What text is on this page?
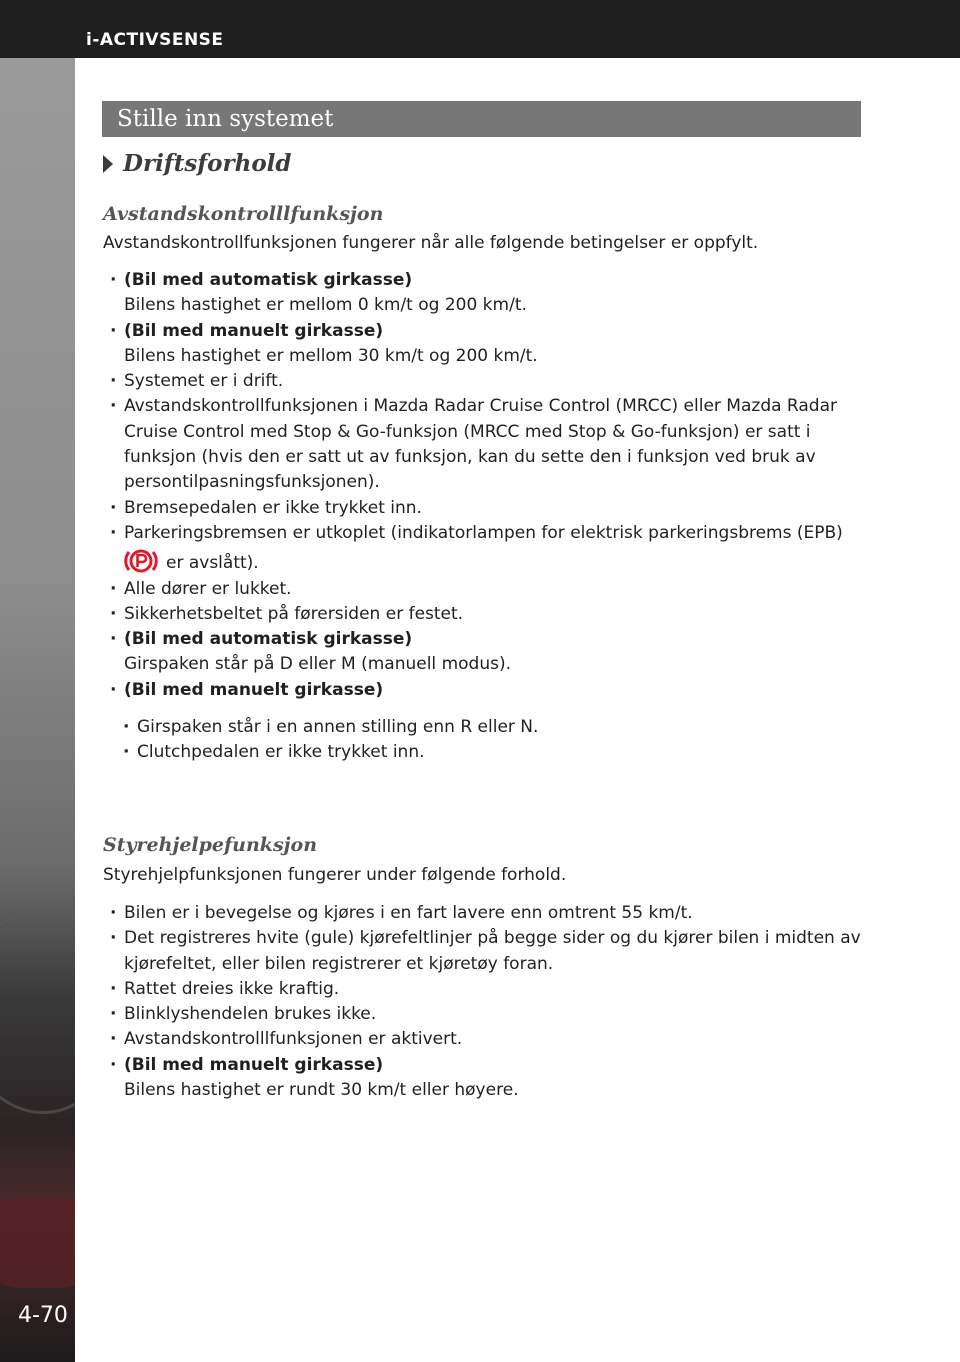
i-ACTIVSENSE
4-70
Stille inn systemet
Driftsforhold
Avstandskontrolllfunksjon
Avstandskontrollfunksjonen fungerer når alle følgende betingelser er oppfylt.
· (Bil med automatisk girkasse)
Bilens hastighet er mellom 0 km/t og 200 km/t.
· (Bil med manuelt girkasse)
Bilens hastighet er mellom 30 km/t og 200 km/t.
· Systemet er i drift.
· Avstandskontrollfunksjonen i Mazda Radar Cruise Control (MRCC) eller Mazda Radar Cruise Control med Stop & Go-funksjon (MRCC med Stop & Go-funksjon) er satt i funksjon (hvis den er satt ut av funksjon, kan du sette den i funksjon ved bruk av persontilpasningsfunksjonen).
· Bremsepedalen er ikke trykket inn.
· Parkeringsbremsen er utkoplet (indikatorlampen for elektrisk parkeringsbrems (EPB)
er avslått).
· Alle dører er lukket.
· Sikkerhetsbeltet på førersiden er festet.
· (Bil med automatisk girkasse)
Girspaken står på D eller M (manuell modus).
· (Bil med manuelt girkasse)
· Girspaken står i en annen stilling enn R eller N.
· Clutchpedalen er ikke trykket inn.
Styrehjelpefunksjon
Styrehjelpfunksjonen fungerer under følgende forhold.
· Bilen er i bevegelse og kjøres i en fart lavere enn omtrent 55 km/t.
· Det registreres hvite (gule) kjørefeltlinjer på begge sider og du kjører bilen i midten av kjørefeltet, eller bilen registrerer et kjøretøy foran.
· Rattet dreies ikke kraftig.
· Blinklyshendelen brukes ikke.
· Avstandskontrolllfunksjonen er aktivert.
· (Bil med manuelt girkasse)
Bilens hastighet er rundt 30 km/t eller høyere.
